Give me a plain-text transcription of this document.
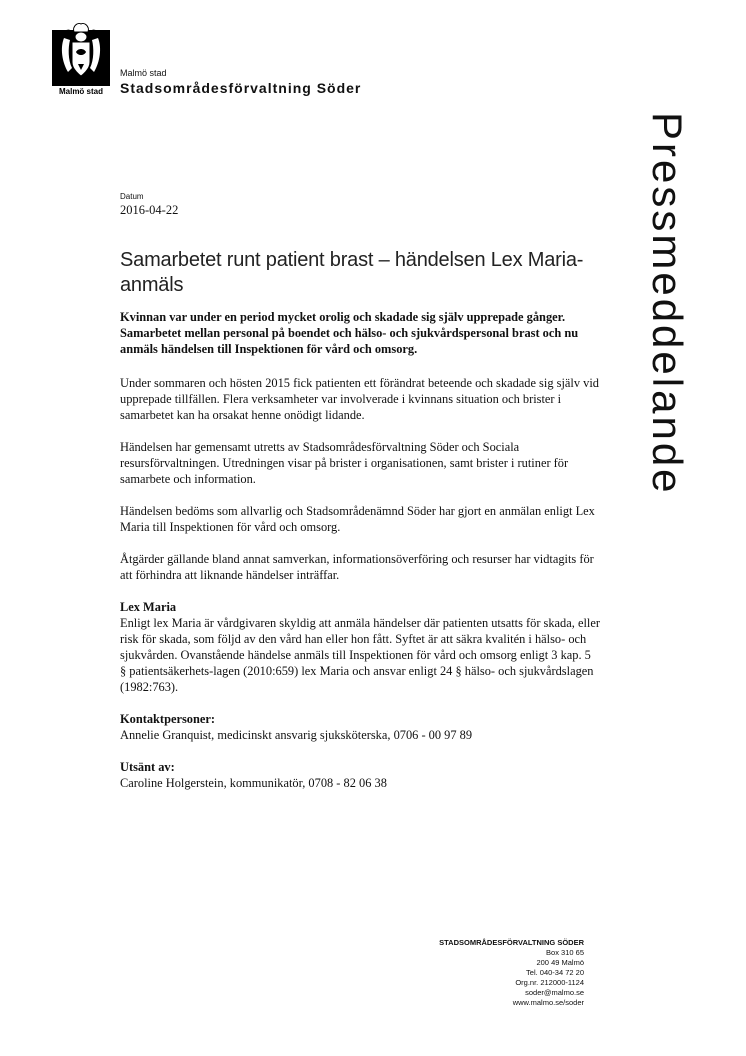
Malmö stad
Malmö stad
Stadsområdesförvaltning Söder
Pressmeddelande
Datum
2016-04-22
Samarbetet runt patient brast – händelsen Lex Maria-anmäls

Kvinnan var under en period mycket orolig och skadade sig själv upprepade gånger. Samarbetet mellan personal på boendet och hälso- och sjukvårdspersonal brast och nu anmäls händelsen till Inspektionen för vård och omsorg.

Under sommaren och hösten 2015 fick patienten ett förändrat beteende och skadade sig själv vid upprepade tillfällen. Flera verksamheter var involverade i kvinnans situation och brister i samarbetet kan ha orsakat henne onödigt lidande.

Händelsen har gemensamt utretts av Stadsområdesförvaltning Söder och Sociala resursförvaltningen. Utredningen visar på brister i organisationen, samt brister i rutiner för samarbete och information.

Händelsen bedöms som allvarlig och Stadsområdenämnd Söder har gjort en anmälan enligt Lex Maria till Inspektionen för vård och omsorg.

Åtgärder gällande bland annat samverkan, informationsöverföring och resurser har vidtagits för att förhindra att liknande händelser inträffar.

Lex Maria
Enligt lex Maria är vårdgivaren skyldig att anmäla händelser där patienten utsatts för skada, eller risk för skada, som följd av den vård han eller hon fått. Syftet är att säkra kvalitén i hälso- och sjukvården. Ovanstående händelse anmäls till Inspektionen för vård och omsorg enligt 3 kap. 5 § patientsäkerhets-lagen (2010:659) lex Maria och ansvar enligt 24 § hälso- och sjukvårdslagen (1982:763).
Kontaktpersoner:
Annelie Granquist, medicinskt ansvarig sjuksköterska, 0706 - 00 97 89
Utsänt av:
Caroline Holgerstein, kommunikatör, 0708 - 82 06 38
STADSOMRÅDESFÖRVALTNING SÖDER
Box 310 65
200 49 Malmö
Tel. 040-34 72 20
Org.nr. 212000-1124
soder@malmo.se
www.malmo.se/soder
